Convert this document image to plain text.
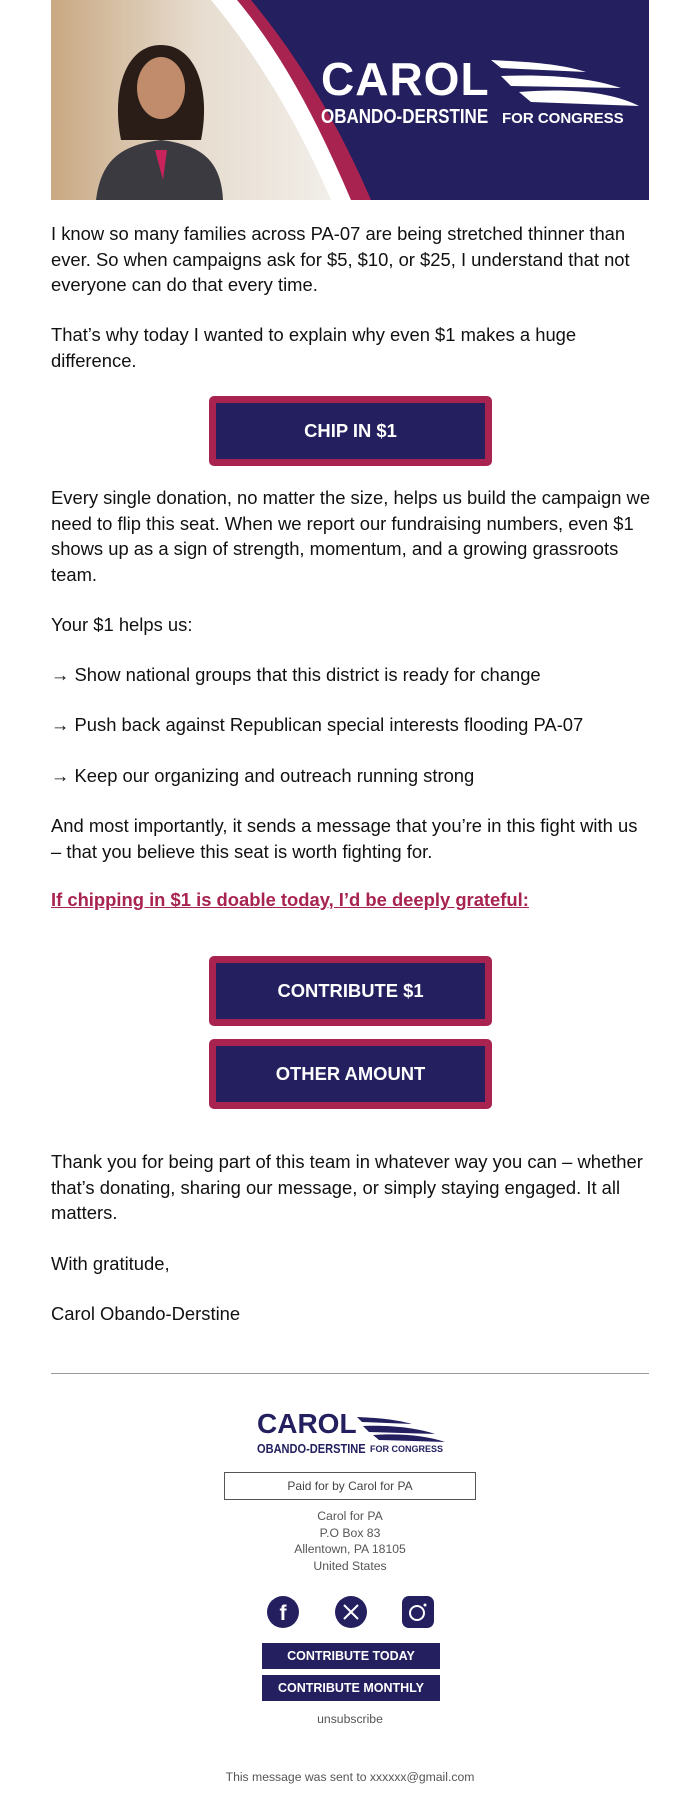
CAROL
OBANDO-DERSTINE FOR CONGRESS
I know so many families across PA-07 are being stretched thinner than ever. So when campaigns ask for $5, $10, or $25, I understand that not everyone can do that every time.
That’s why today I wanted to explain why even $1 makes a huge difference.
CHIP IN $1
Every single donation, no matter the size, helps us build the campaign we need to flip this seat. When we report our fundraising numbers, even $1 shows up as a sign of strength, momentum, and a growing grassroots team.
Your $1 helps us:
→ Show national groups that this district is ready for change
→ Push back against Republican special interests flooding PA-07
→ Keep our organizing and outreach running strong
And most importantly, it sends a message that you’re in this fight with us – that you believe this seat is worth fighting for.
If chipping in $1 is doable today, I’d be deeply grateful:
CONTRIBUTE $1
OTHER AMOUNT
Thank you for being part of this team in whatever way you can – whether that’s donating, sharing our message, or simply staying engaged. It all matters.
With gratitude,
Carol Obando-Derstine
CAROL
OBANDO-DERSTINE FOR CONGRESS
Paid for by Carol for PA
Carol for PA
P.O Box 83
Allentown, PA 18105
United States
f
CONTRIBUTE TODAY
CONTRIBUTE MONTHLY
unsubscribe
This message was sent to xxxxxx@gmail.com
